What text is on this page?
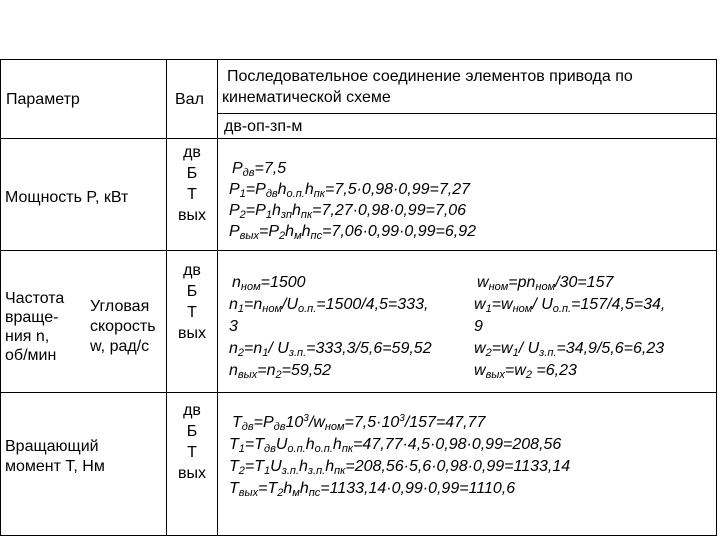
Параметр	Вал
Последовательное соединение элементов привода по
кинематической схеме
дв-оп-зп-м
Мощность P, кВт
дв
Б
Т
вых
$P_{дв}=7,5$
$P_1=P_{дв}h_{о.п.}h_{пк}=7,5\cdot 0,98\cdot 0,99=7,27$
$P_2=P_1h_{зп}h_{пк}=7,27\cdot 0,98\cdot 0,99=7,06$
$P_{вых}=P_2h_мh_{пс}=7,06\cdot 0,99\cdot 0,99=6,92$
Частота
враще-
ния n,
об/мин
Угловая
скорость
w, рад/с
дв
Б
Т
вых
$n_{ном}=1500$
$n_1=n_{ном}/U_{о.п.}=1500/4,5=333$,
3
$n_2=n_1/$ $U_{з.п.}=333,3/5,6=59,52$
$n_{вых}=n_2=59,52$
$w_{ном}=pn_{ном}/30=157$
$w_1=w_{ном}/$ $U_{о.п.}=157/4,5=34$,
9
$w_2=w_1/$ $U_{з.п.}=34,9/5,6=6,23$
$w_{вых}=w_2 =6,23$
Вращающий
момент T, Нм
дв
Б
Т
вых
$T_{дв}=P_{дв}10^3/w_{ном}=7,5\cdot 10^3/157=47,77$
$T_1=T_{дв}U_{о.п.}h_{о.п.}h_{пк}=47,77\cdot 4,5\cdot 0,98\cdot 0,99=208,56$
$T_2=T_1U_{з.п.}h_{з.п.}h_{пк}=208,56\cdot 5,6\cdot 0,98\cdot 0,99=1133,14$
$T_{вых}=T_2h_мh_{пс}=1133,14\cdot 0,99\cdot 0,99=1110,6$
